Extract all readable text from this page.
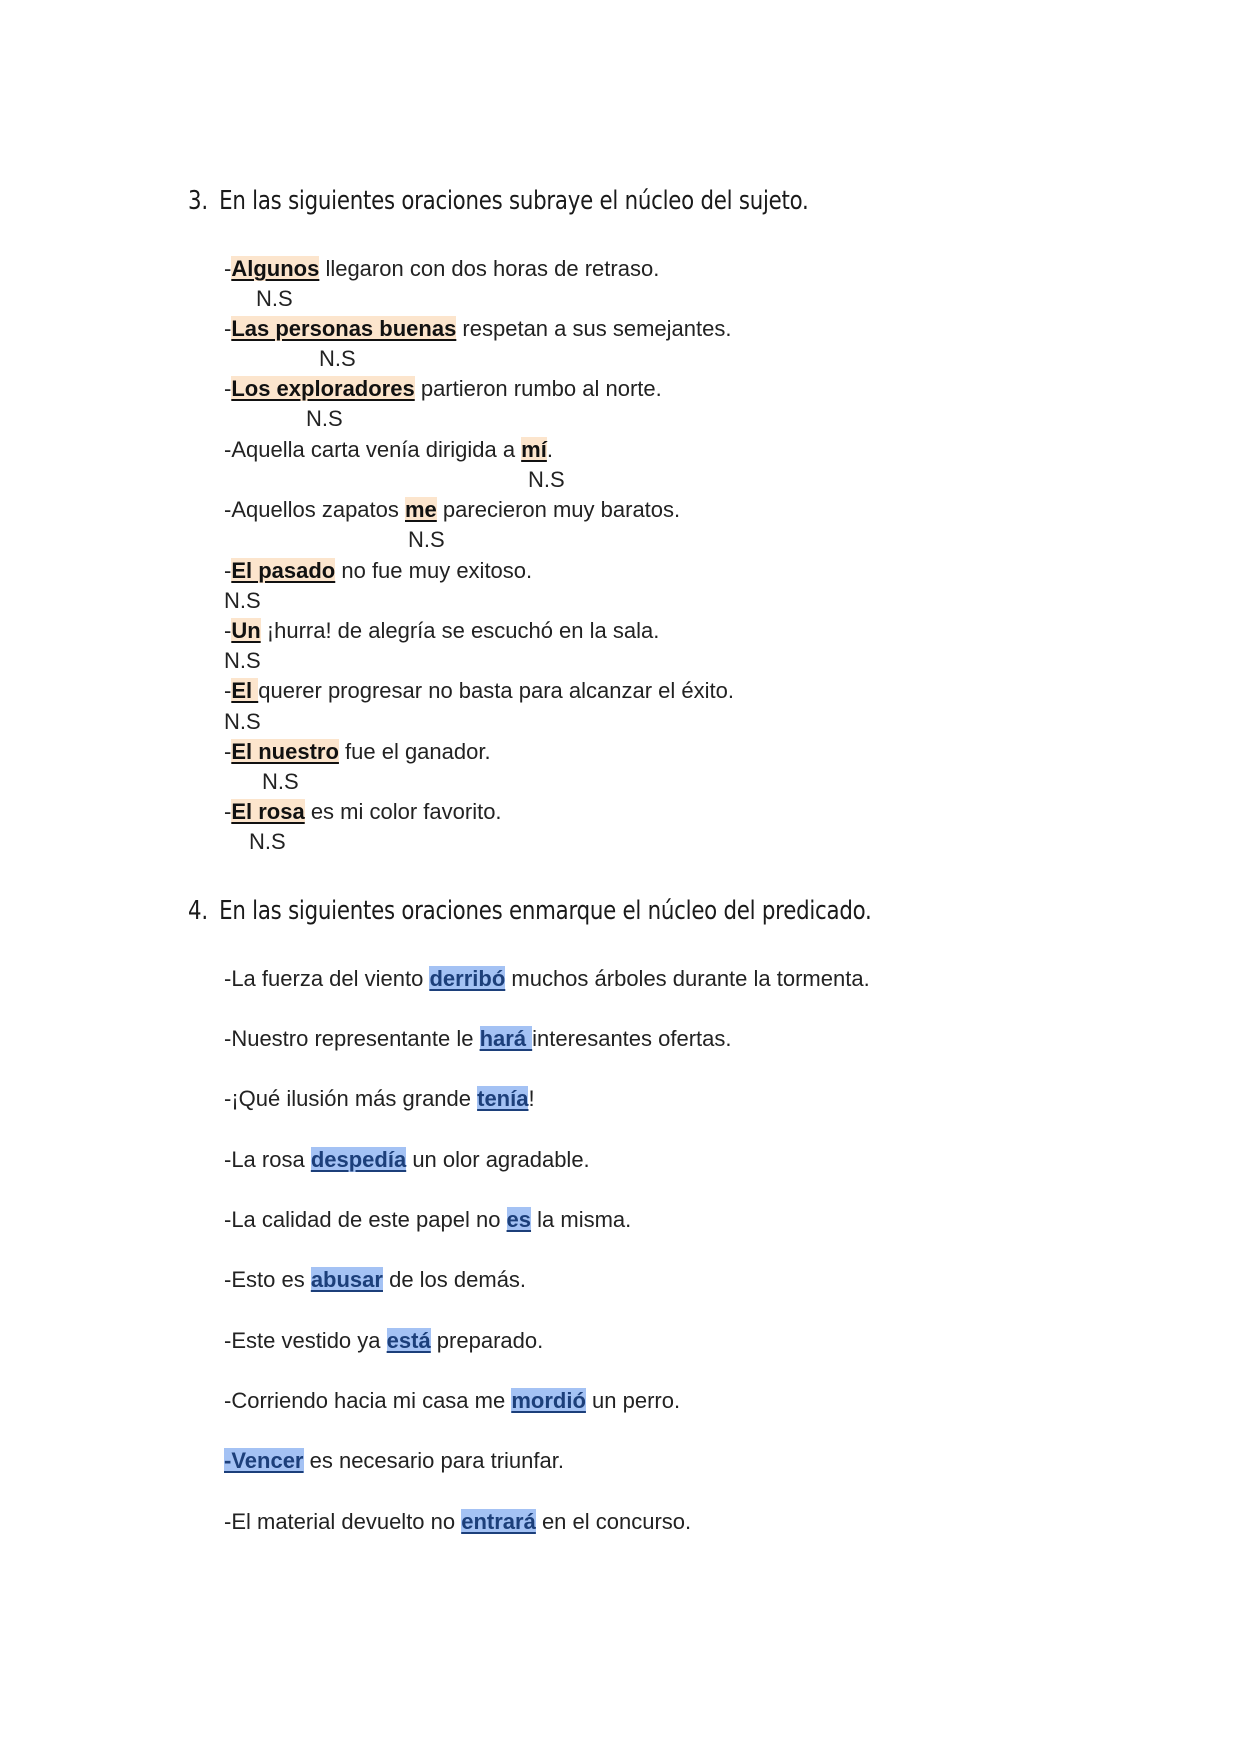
3. En las siguientes oraciones subraye el núcleo del sujeto.
-Algunos llegaron con dos horas de retraso.
N.S
-Las personas buenas respetan a sus semejantes.
N.S
-Los exploradores partieron rumbo al norte.
N.S
-Aquella carta venía dirigida a mí.
N.S
-Aquellos zapatos me parecieron muy baratos.
N.S
-El pasado no fue muy exitoso.
N.S
-Un ¡hurra! de alegría se escuchó en la sala.
N.S
-El querer progresar no basta para alcanzar el éxito.
N.S
-El nuestro fue el ganador.
N.S
-El rosa es mi color favorito.
N.S
4. En las siguientes oraciones enmarque el núcleo del predicado.
-La fuerza del viento derribó muchos árboles durante la tormenta.
-Nuestro representante le hará interesantes ofertas.
-¡Qué ilusión más grande tenía!
-La rosa despedía un olor agradable.
-La calidad de este papel no es la misma.
-Esto es abusar de los demás.
-Este vestido ya está preparado.
-Corriendo hacia mi casa me mordió un perro.
-Vencer es necesario para triunfar.
-El material devuelto no entrará en el concurso.
